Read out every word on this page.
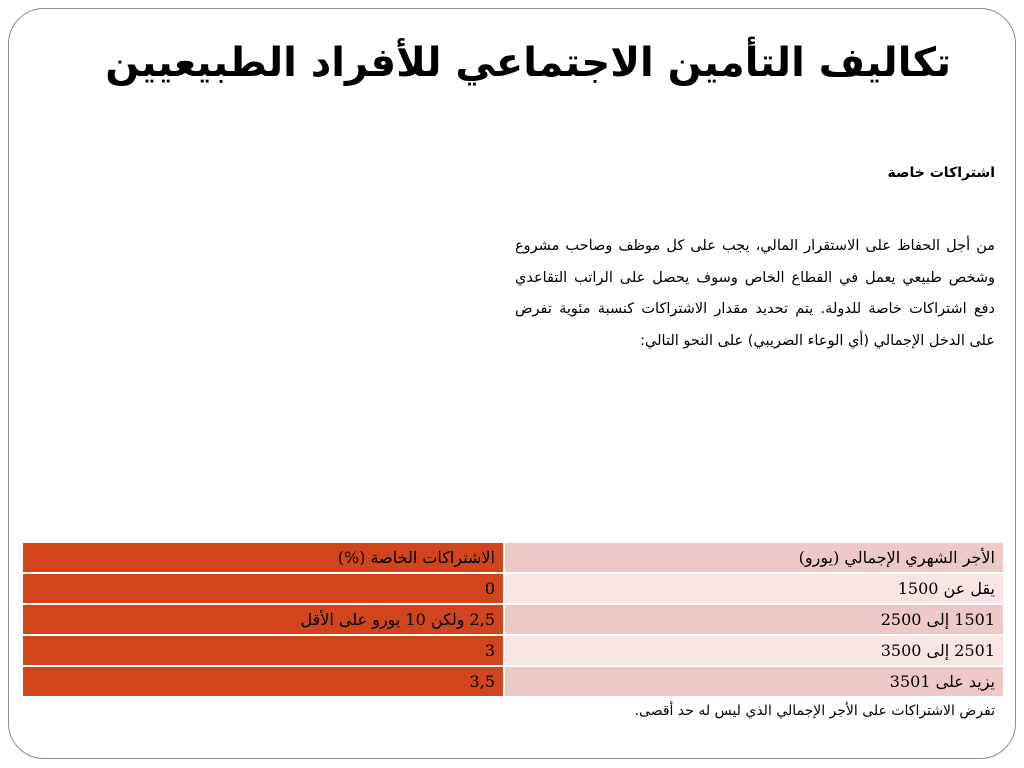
تكاليف التأمين الاجتماعي للأفراد الطبيعيين
اشتراكات خاصة

من أجل الحفاظ على الاستقرار المالي، يجب على كل موظف وصاحب مشروع وشخص طبيعي يعمل في القطاع الخاص وسوف يحصل على الراتب التقاعدي دفع اشتراكات خاصة للدولة. يتم تحديد مقدار الاشتراكات كنسبة مئوية تفرض على الدخل الإجمالي (أي الوعاء الضريبي) على النحو التالي:

الأجر الشهري الإجمالي (يورو)	الاشتراكات الخاصة (%)
يقل عن 1500	0
1501 إلى 2500	2,5 ولكن 10 يورو على الأقل
2501 إلى 3500	3
يزيد على 3501	3,5
تفرض الاشتراكات على الأجر الإجمالي الذي ليس له حد أقصى.
